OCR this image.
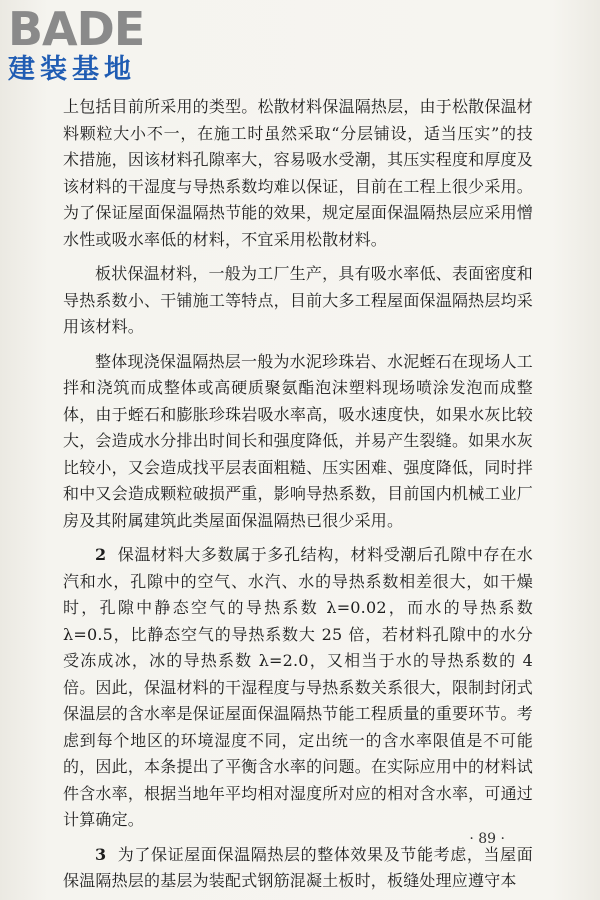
BADE
建装基地

上包括目前所采用的类型。松散材料保温隔热层，由于松散保温材料颗粒大小不一，在施工时虽然采取“分层铺设，适当压实”的技术措施，因该材料孔隙率大，容易吸水受潮，其压实程度和厚度及该材料的干湿度与导热系数均难以保证，目前在工程上很少采用。为了保证屋面保温隔热节能的效果，规定屋面保温隔热层应采用憎水性或吸水率低的材料，不宜采用松散材料。

板状保温材料，一般为工厂生产，具有吸水率低、表面密度和导热系数小、干铺施工等特点，目前大多工程屋面保温隔热层均采用该材料。

整体现浇保温隔热层一般为水泥珍珠岩、水泥蛭石在现场人工拌和浇筑而成整体或高硬质聚氨酯泡沫塑料现场喷涂发泡而成整体，由于蛭石和膨胀珍珠岩吸水率高，吸水速度快，如果水灰比较大，会造成水分排出时间长和强度降低，并易产生裂缝。如果水灰比较小，又会造成找平层表面粗糙、压实困难、强度降低，同时拌和中又会造成颗粒破损严重，影响导热系数，目前国内机械工业厂房及其附属建筑此类屋面保温隔热已很少采用。

2 保温材料大多数属于多孔结构，材料受潮后孔隙中存在水汽和水，孔隙中的空气、水汽、水的导热系数相差很大，如干燥时，孔隙中静态空气的导热系数 λ=0.02，而水的导热系数 λ=0.5，比静态空气的导热系数大 25 倍，若材料孔隙中的水分受冻成冰，冰的导热系数 λ=2.0，又相当于水的导热系数的 4 倍。因此，保温材料的干湿程度与导热系数关系很大，限制封闭式保温层的含水率是保证屋面保温隔热节能工程质量的重要环节。考虑到每个地区的环境湿度不同，定出统一的含水率限值是不可能的，因此，本条提出了平衡含水率的问题。在实际应用中的材料试件含水率，根据当地年平均相对湿度所对应的相对含水率，可通过计算确定。

3 为了保证屋面保温隔热层的整体效果及节能考虑，当屋面保温隔热层的基层为装配式钢筋混凝土板时，板缝处理应遵守本

· 89 ·
